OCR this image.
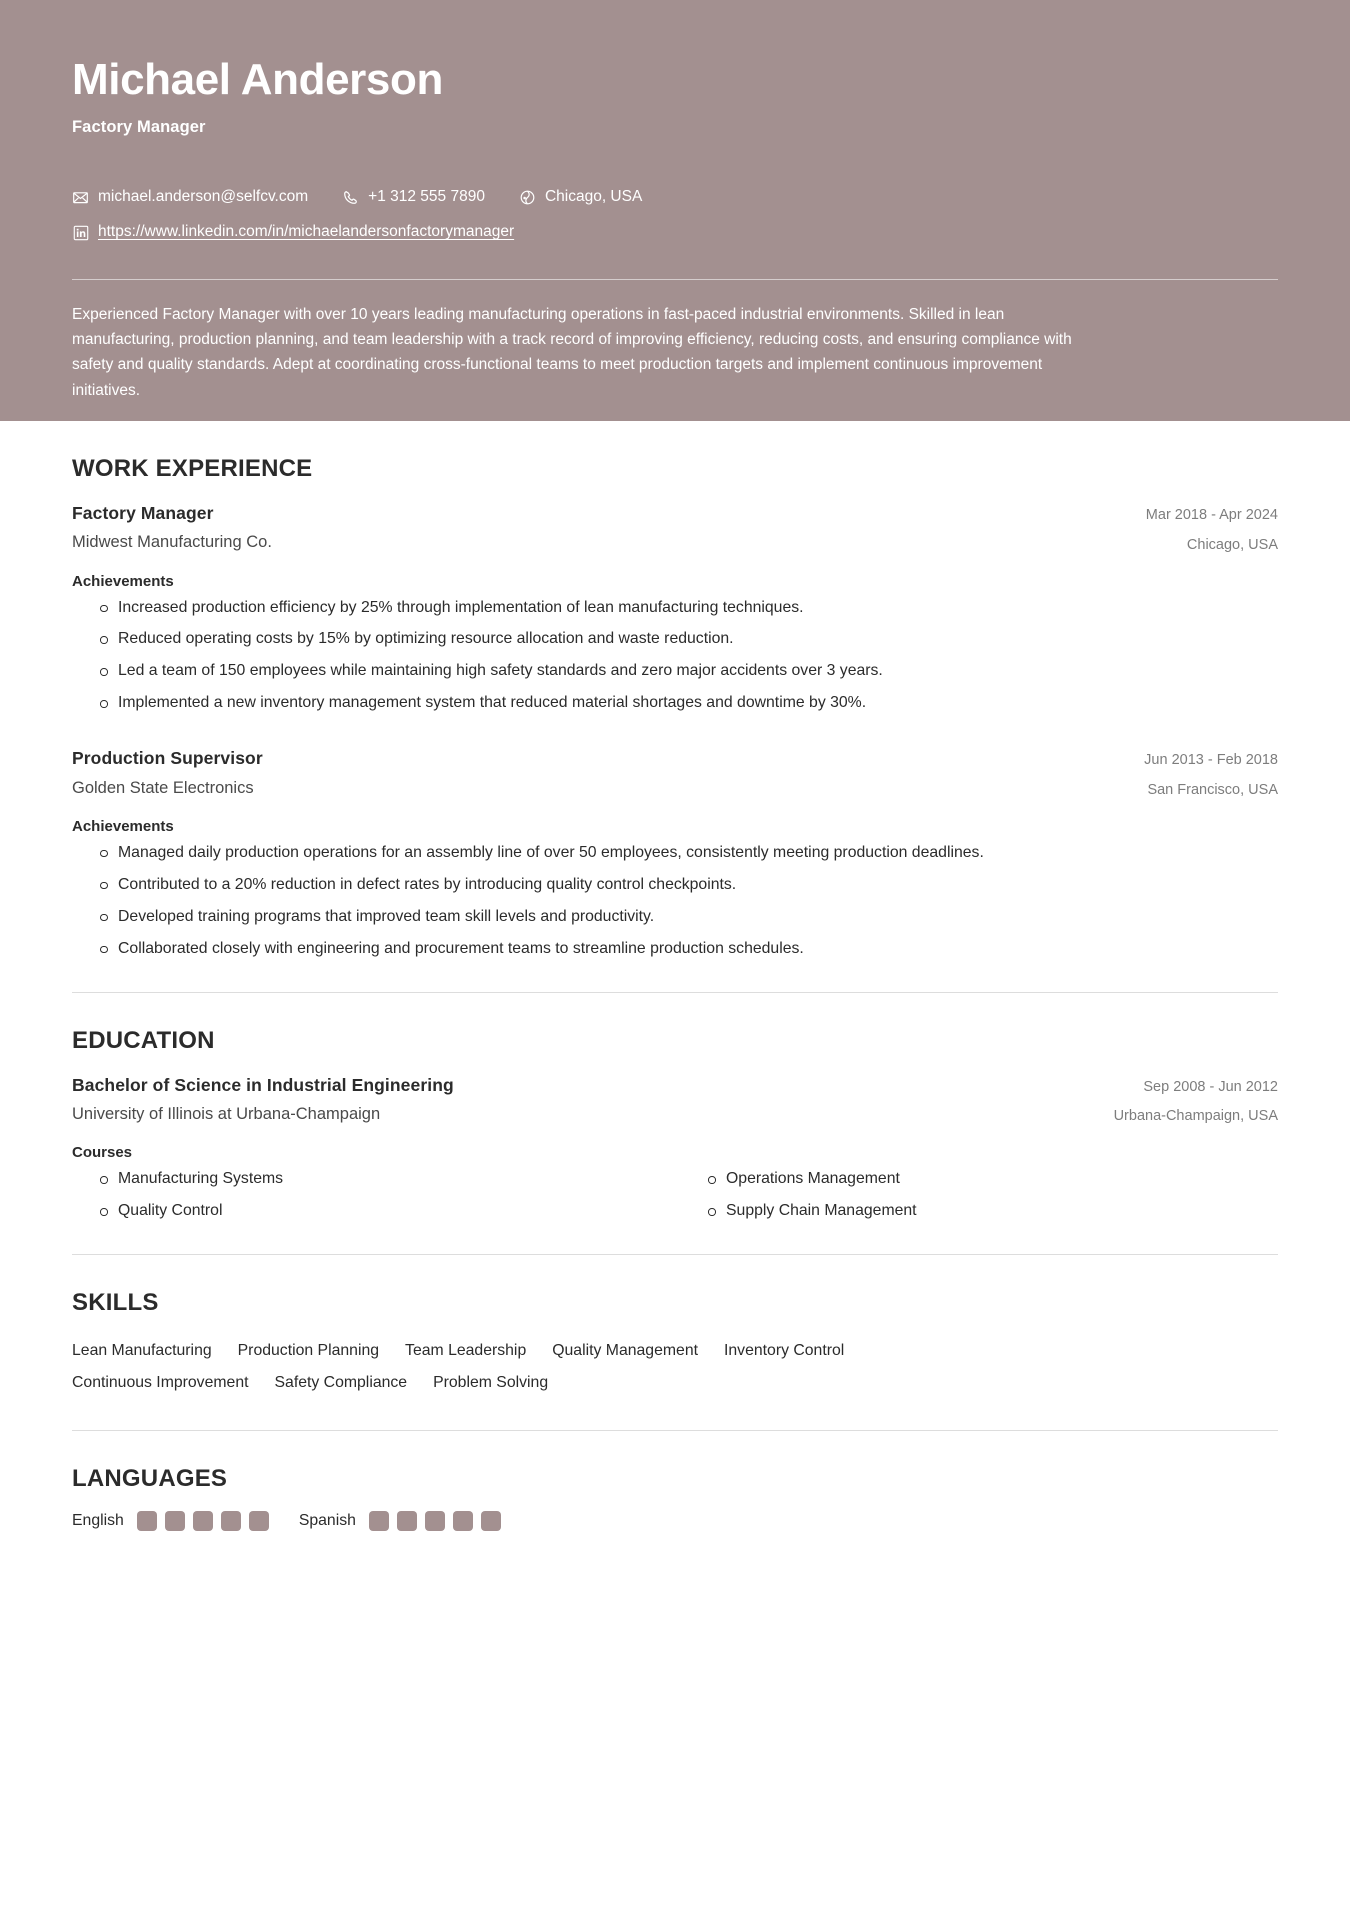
Michael Anderson
Factory Manager
michael.anderson@selfcv.com	+1 312 555 7890	Chicago, USA
https://www.linkedin.com/in/michaelandersonfactorymanager
Experienced Factory Manager with over 10 years leading manufacturing operations in fast-paced industrial environments. Skilled in lean manufacturing, production planning, and team leadership with a track record of improving efficiency, reducing costs, and ensuring compliance with safety and quality standards. Adept at coordinating cross-functional teams to meet production targets and implement continuous improvement initiatives.
WORK EXPERIENCE
Factory Manager
Midwest Manufacturing Co.
Mar 2018 - Apr 2024
Chicago, USA
Achievements
Increased production efficiency by 25% through implementation of lean manufacturing techniques.
Reduced operating costs by 15% by optimizing resource allocation and waste reduction.
Led a team of 150 employees while maintaining high safety standards and zero major accidents over 3 years.
Implemented a new inventory management system that reduced material shortages and downtime by 30%.
Production Supervisor
Golden State Electronics
Jun 2013 - Feb 2018
San Francisco, USA
Achievements
Managed daily production operations for an assembly line of over 50 employees, consistently meeting production deadlines.
Contributed to a 20% reduction in defect rates by introducing quality control checkpoints.
Developed training programs that improved team skill levels and productivity.
Collaborated closely with engineering and procurement teams to streamline production schedules.
EDUCATION
Bachelor of Science in Industrial Engineering
University of Illinois at Urbana-Champaign
Sep 2008 - Jun 2012
Urbana-Champaign, USA
Courses
Manufacturing Systems	Operations Management
Quality Control	Supply Chain Management
SKILLS
Lean Manufacturing Production Planning Team Leadership Quality Management Inventory Control
Continuous Improvement Safety Compliance Problem Solving
LANGUAGES
English	Spanish
